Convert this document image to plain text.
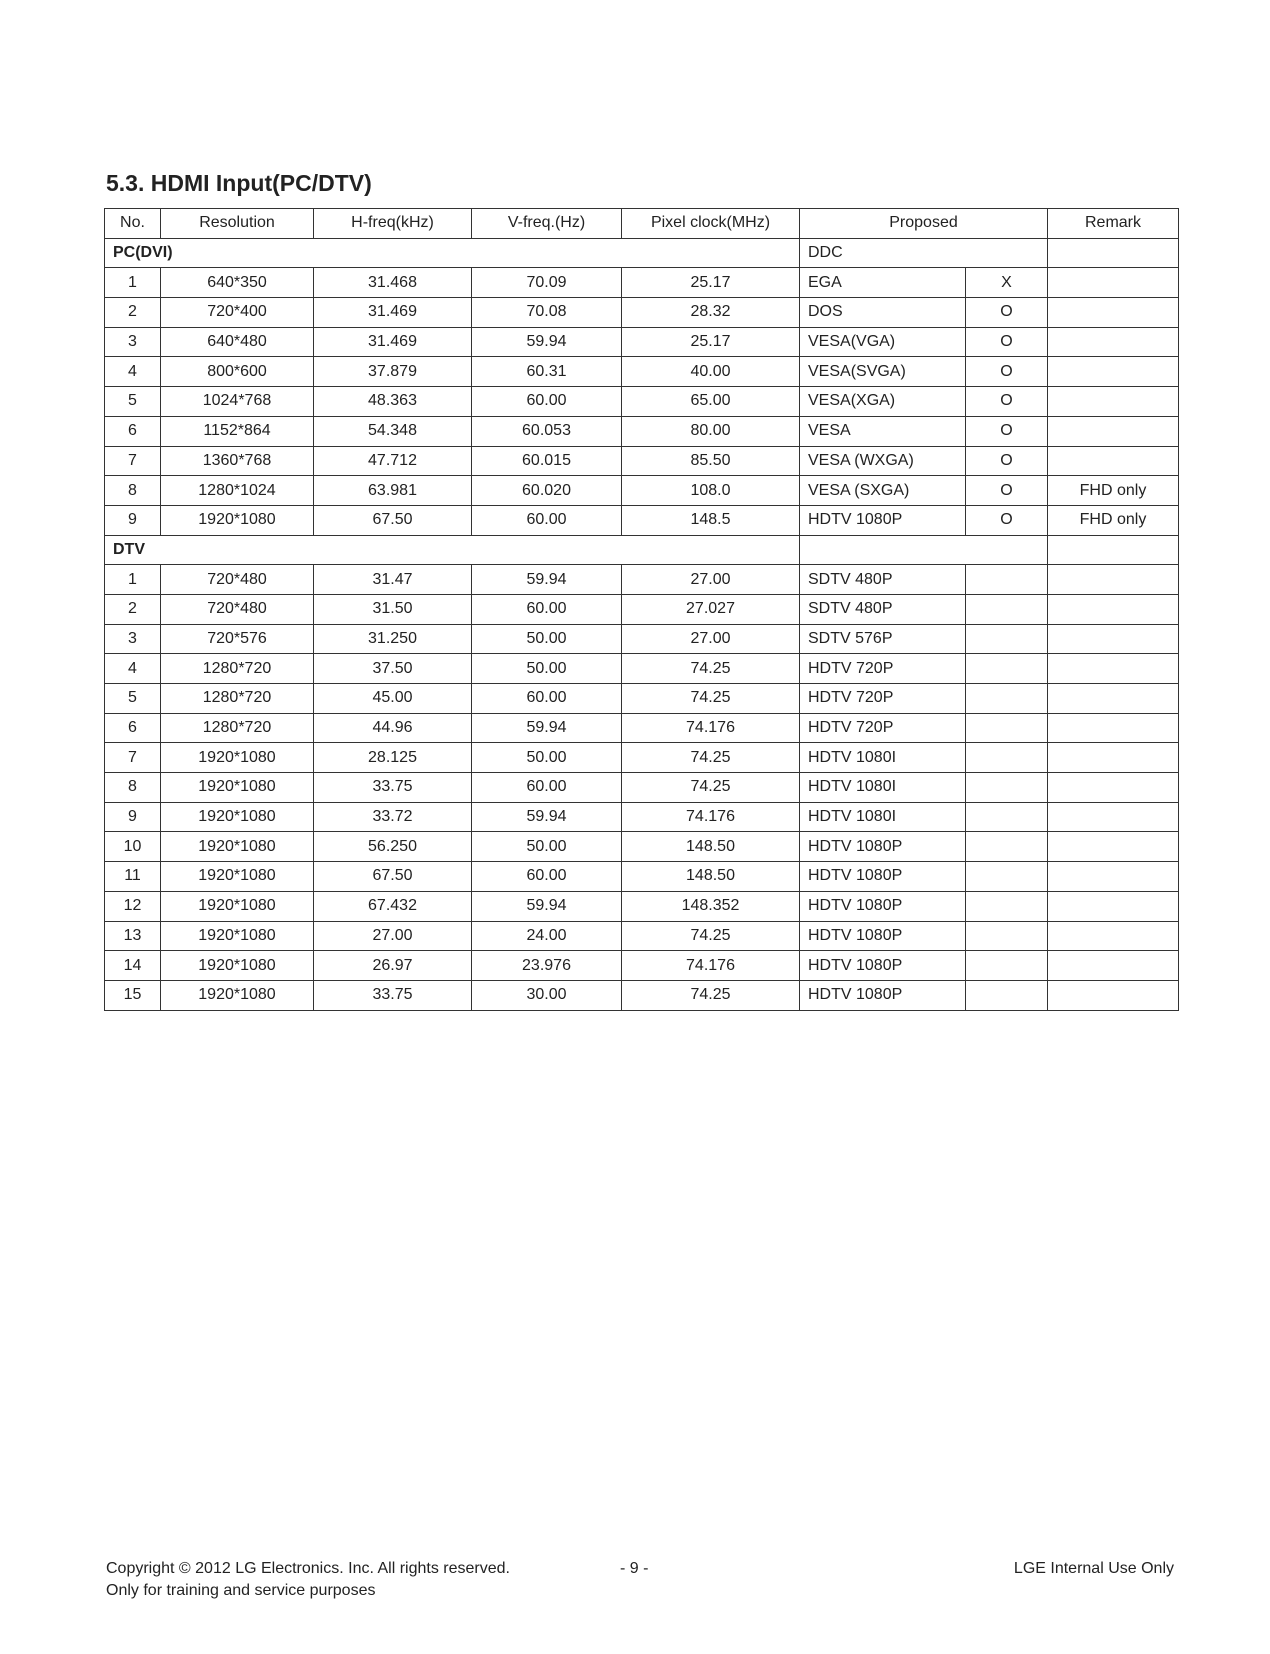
5.3. HDMI Input(PC/DTV)
No.	Resolution	H-freq(kHz)	V-freq.(Hz)	Pixel clock(MHz)	Proposed		Remark
PC(DVI)					DDC		
1	640*350	31.468	70.09	25.17	EGA	X	
2	720*400	31.469	70.08	28.32	DOS	O	
3	640*480	31.469	59.94	25.17	VESA(VGA)	O	
4	800*600	37.879	60.31	40.00	VESA(SVGA)	O	
5	1024*768	48.363	60.00	65.00	VESA(XGA)	O	
6	1152*864	54.348	60.053	80.00	VESA	O	
7	1360*768	47.712	60.015	85.50	VESA (WXGA)	O	
8	1280*1024	63.981	60.020	108.0	VESA (SXGA)	O	FHD only
9	1920*1080	67.50	60.00	148.5	HDTV 1080P	O	FHD only
DTV							
1	720*480	31.47	59.94	27.00	SDTV 480P		
2	720*480	31.50	60.00	27.027	SDTV 480P		
3	720*576	31.250	50.00	27.00	SDTV 576P		
4	1280*720	37.50	50.00	74.25	HDTV 720P		
5	1280*720	45.00	60.00	74.25	HDTV 720P		
6	1280*720	44.96	59.94	74.176	HDTV 720P		
7	1920*1080	28.125	50.00	74.25	HDTV 1080I		
8	1920*1080	33.75	60.00	74.25	HDTV 1080I		
9	1920*1080	33.72	59.94	74.176	HDTV 1080I		
10	1920*1080	56.250	50.00	148.50	HDTV 1080P		
11	1920*1080	67.50	60.00	148.50	HDTV 1080P		
12	1920*1080	67.432	59.94	148.352	HDTV 1080P		
13	1920*1080	27.00	24.00	74.25	HDTV 1080P		
14	1920*1080	26.97	23.976	74.176	HDTV 1080P		
15	1920*1080	33.75	30.00	74.25	HDTV 1080P		
Copyright © 2012 LG Electronics. Inc. All rights reserved.
Only for training and service purposes
- 9 -	LGE Internal Use Only
